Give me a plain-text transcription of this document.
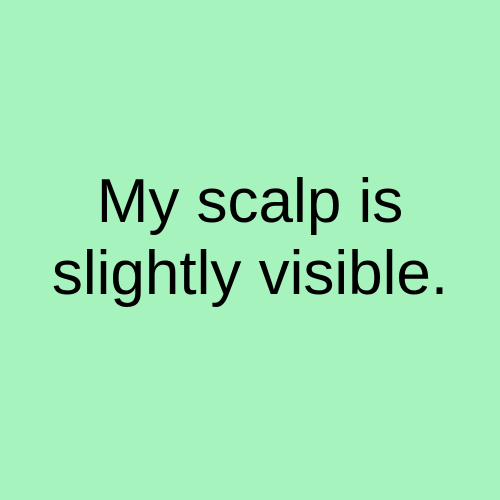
My scalp is
slightly visible.
